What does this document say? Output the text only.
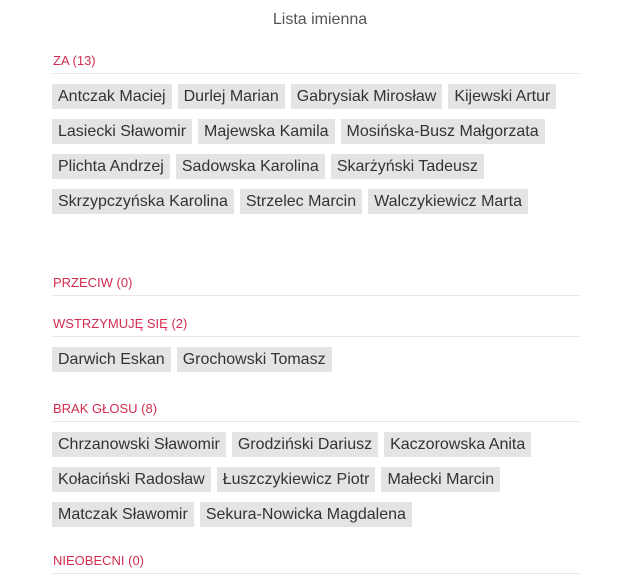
Lista imienna
ZA (13)
Antczak Maciej	Durlej Marian	Gabrysiak Mirosław	Kijewski Artur
Lasiecki Sławomir	Majewska Kamila	Mosińska-Busz Małgorzata
Plichta Andrzej	Sadowska Karolina	Skarżyński Tadeusz
Skrzypczyńska Karolina	Strzelec Marcin	Walczykiewicz Marta
PRZECIW (0)
WSTRZYMUJĘ SIĘ (2)
Darwich Eskan	Grochowski Tomasz
BRAK GŁOSU (8)
Chrzanowski Sławomir	Grodziński Dariusz	Kaczorowska Anita
Kołaciński Radosław	Łuszczykiewicz Piotr	Małecki Marcin
Matczak Sławomir	Sekura-Nowicka Magdalena
NIEOBECNI (0)
